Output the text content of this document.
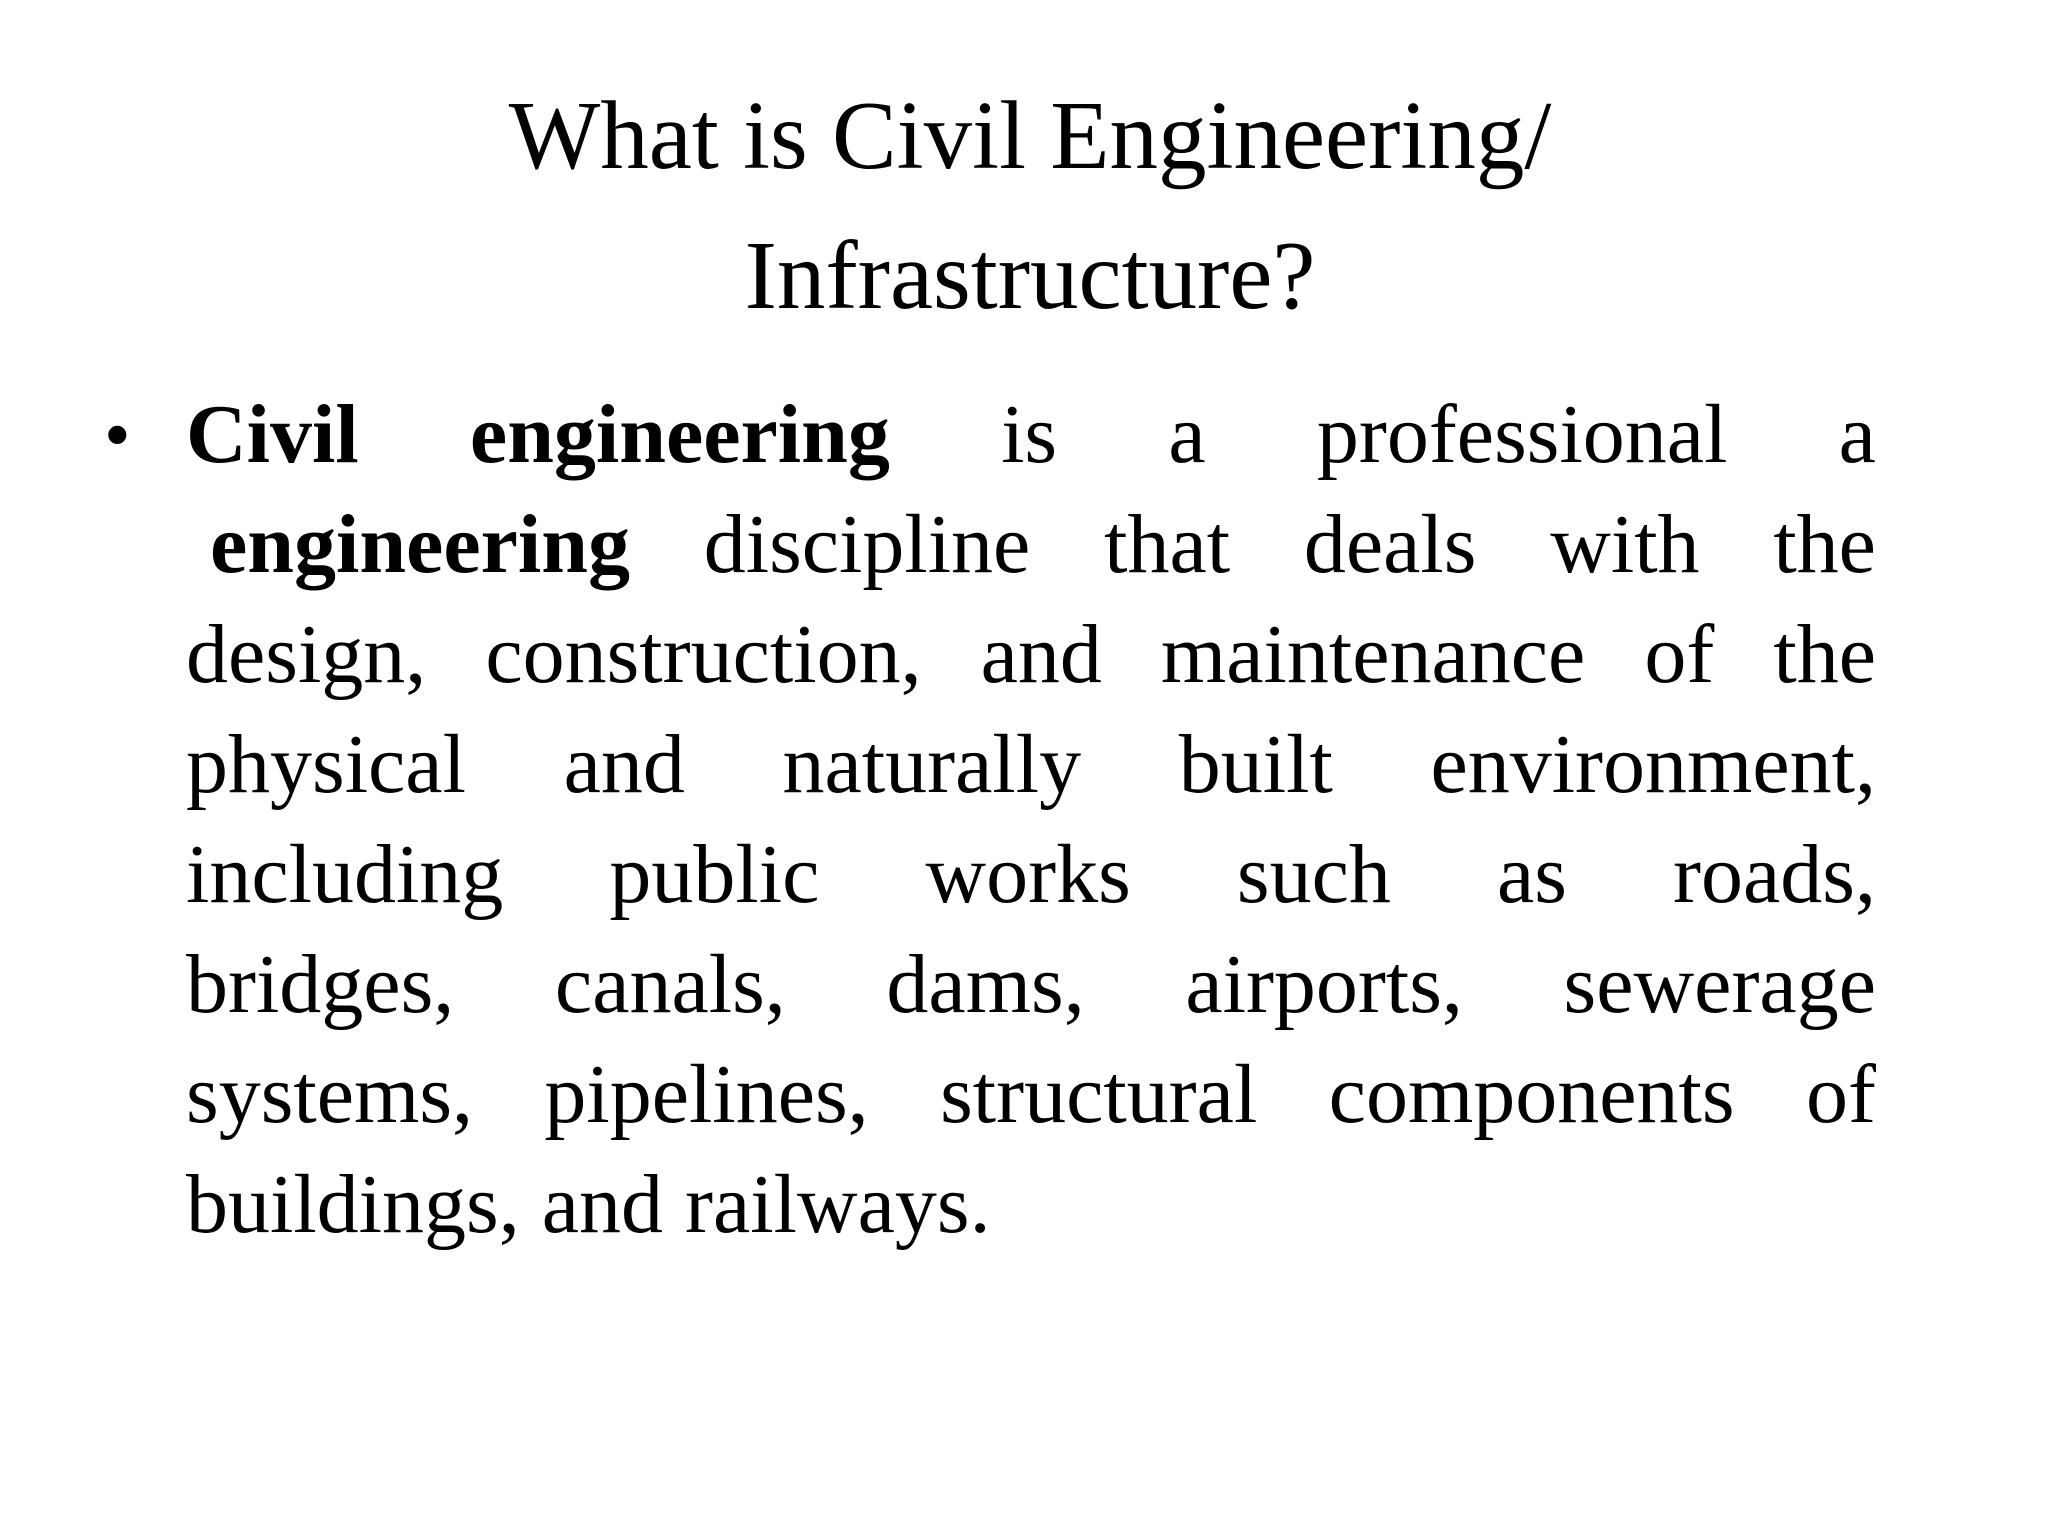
What is Civil Engineering/
Infrastructure?
• Civil engineering is a professional a
engineering discipline that deals with the
design, construction, and maintenance of the
physical and naturally built environment,
including public works such as roads,
bridges, canals, dams, airports, sewerage
systems, pipelines, structural components of
buildings, and railways.
